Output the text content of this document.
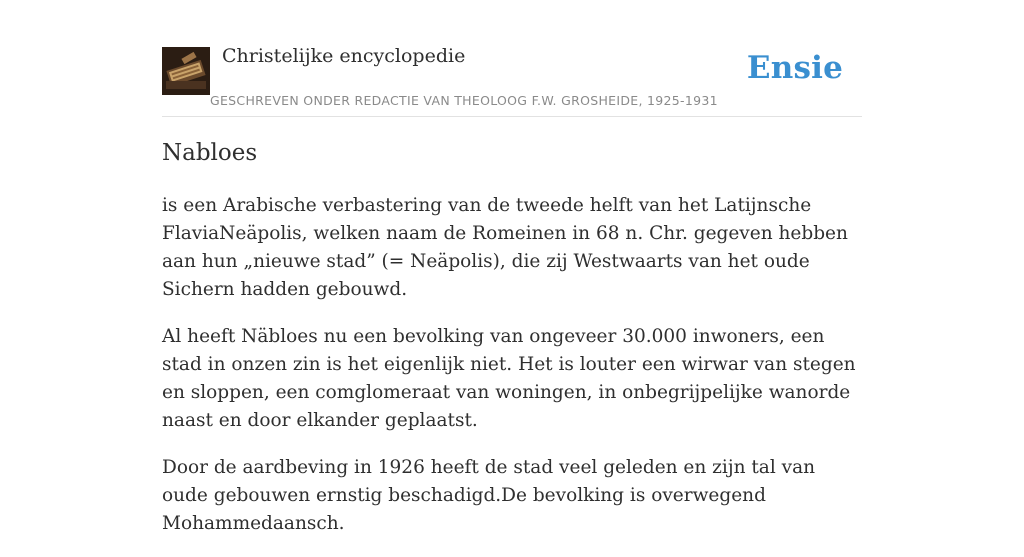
Christelijke encyclopedie
GESCHREVEN ONDER REDACTIE VAN THEOLOOG F.W. GROSHEIDE, 1925-1931
Ensie
Nabloes

is een Arabische verbastering van de tweede helft van het Latijnsche FlaviaNeäpolis, welken naam de Romeinen in 68 n. Chr. gegeven hebben aan hun „nieuwe stad” (= Neäpolis), die zij Westwaarts van het oude Sichern hadden gebouwd.

Al heeft Näbloes nu een bevolking van ongeveer 30.000 inwoners, een stad in onzen zin is het eigenlijk niet. Het is louter een wirwar van stegen en sloppen, een comglomeraat van woningen, in onbegrijpelijke wanorde naast en door elkander geplaatst.

Door de aardbeving in 1926 heeft de stad veel geleden en zijn tal van oude gebouwen ernstig beschadigd.De bevolking is overwegend Mohammedaansch.
